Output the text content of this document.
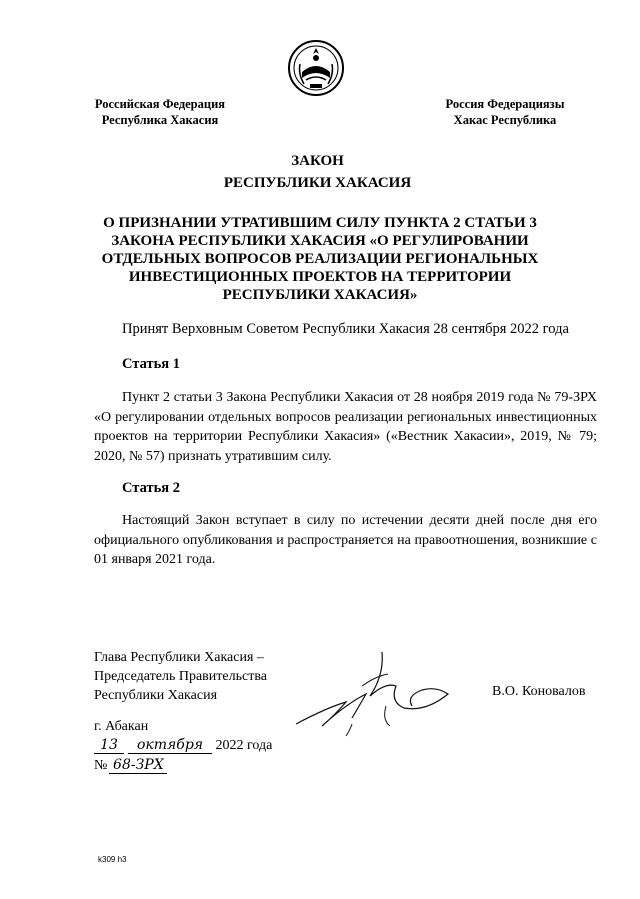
Российская Федерация
Республика Хакасия
Россия Федерациязы
Хакас Республика
ЗАКОН
РЕСПУБЛИКИ ХАКАСИЯ
О ПРИЗНАНИИ УТРАТИВШИМ СИЛУ ПУНКТА 2 СТАТЬИ 3 ЗАКОНА РЕСПУБЛИКИ ХАКАСИЯ «О РЕГУЛИРОВАНИИ ОТДЕЛЬНЫХ ВОПРОСОВ РЕАЛИЗАЦИИ РЕГИОНАЛЬНЫХ ИНВЕСТИЦИОННЫХ ПРОЕКТОВ НА ТЕРРИТОРИИ РЕСПУБЛИКИ ХАКАСИЯ»
Принят Верховным Советом Республики Хакасия 28 сентября 2022 года
Статья 1
Пункт 2 статьи 3 Закона Республики Хакасия от 28 ноября 2019 года № 79-ЗРХ «О регулировании отдельных вопросов реализации региональных инвестиционных проектов на территории Республики Хакасия» («Вестник Хакасии», 2019, № 79; 2020, № 57) признать утратившим силу.
Статья 2
Настоящий Закон вступает в силу по истечении десяти дней после дня его официального опубликования и распространяется на правоотношения, возникшие с 01 января 2021 года.
Глава Республики Хакасия –
Председатель Правительства
Республики Хакасия	В.О. Коновалов
г. Абакан
13 октября 2022 года
№ 68-ЗРХ
k309 h3
